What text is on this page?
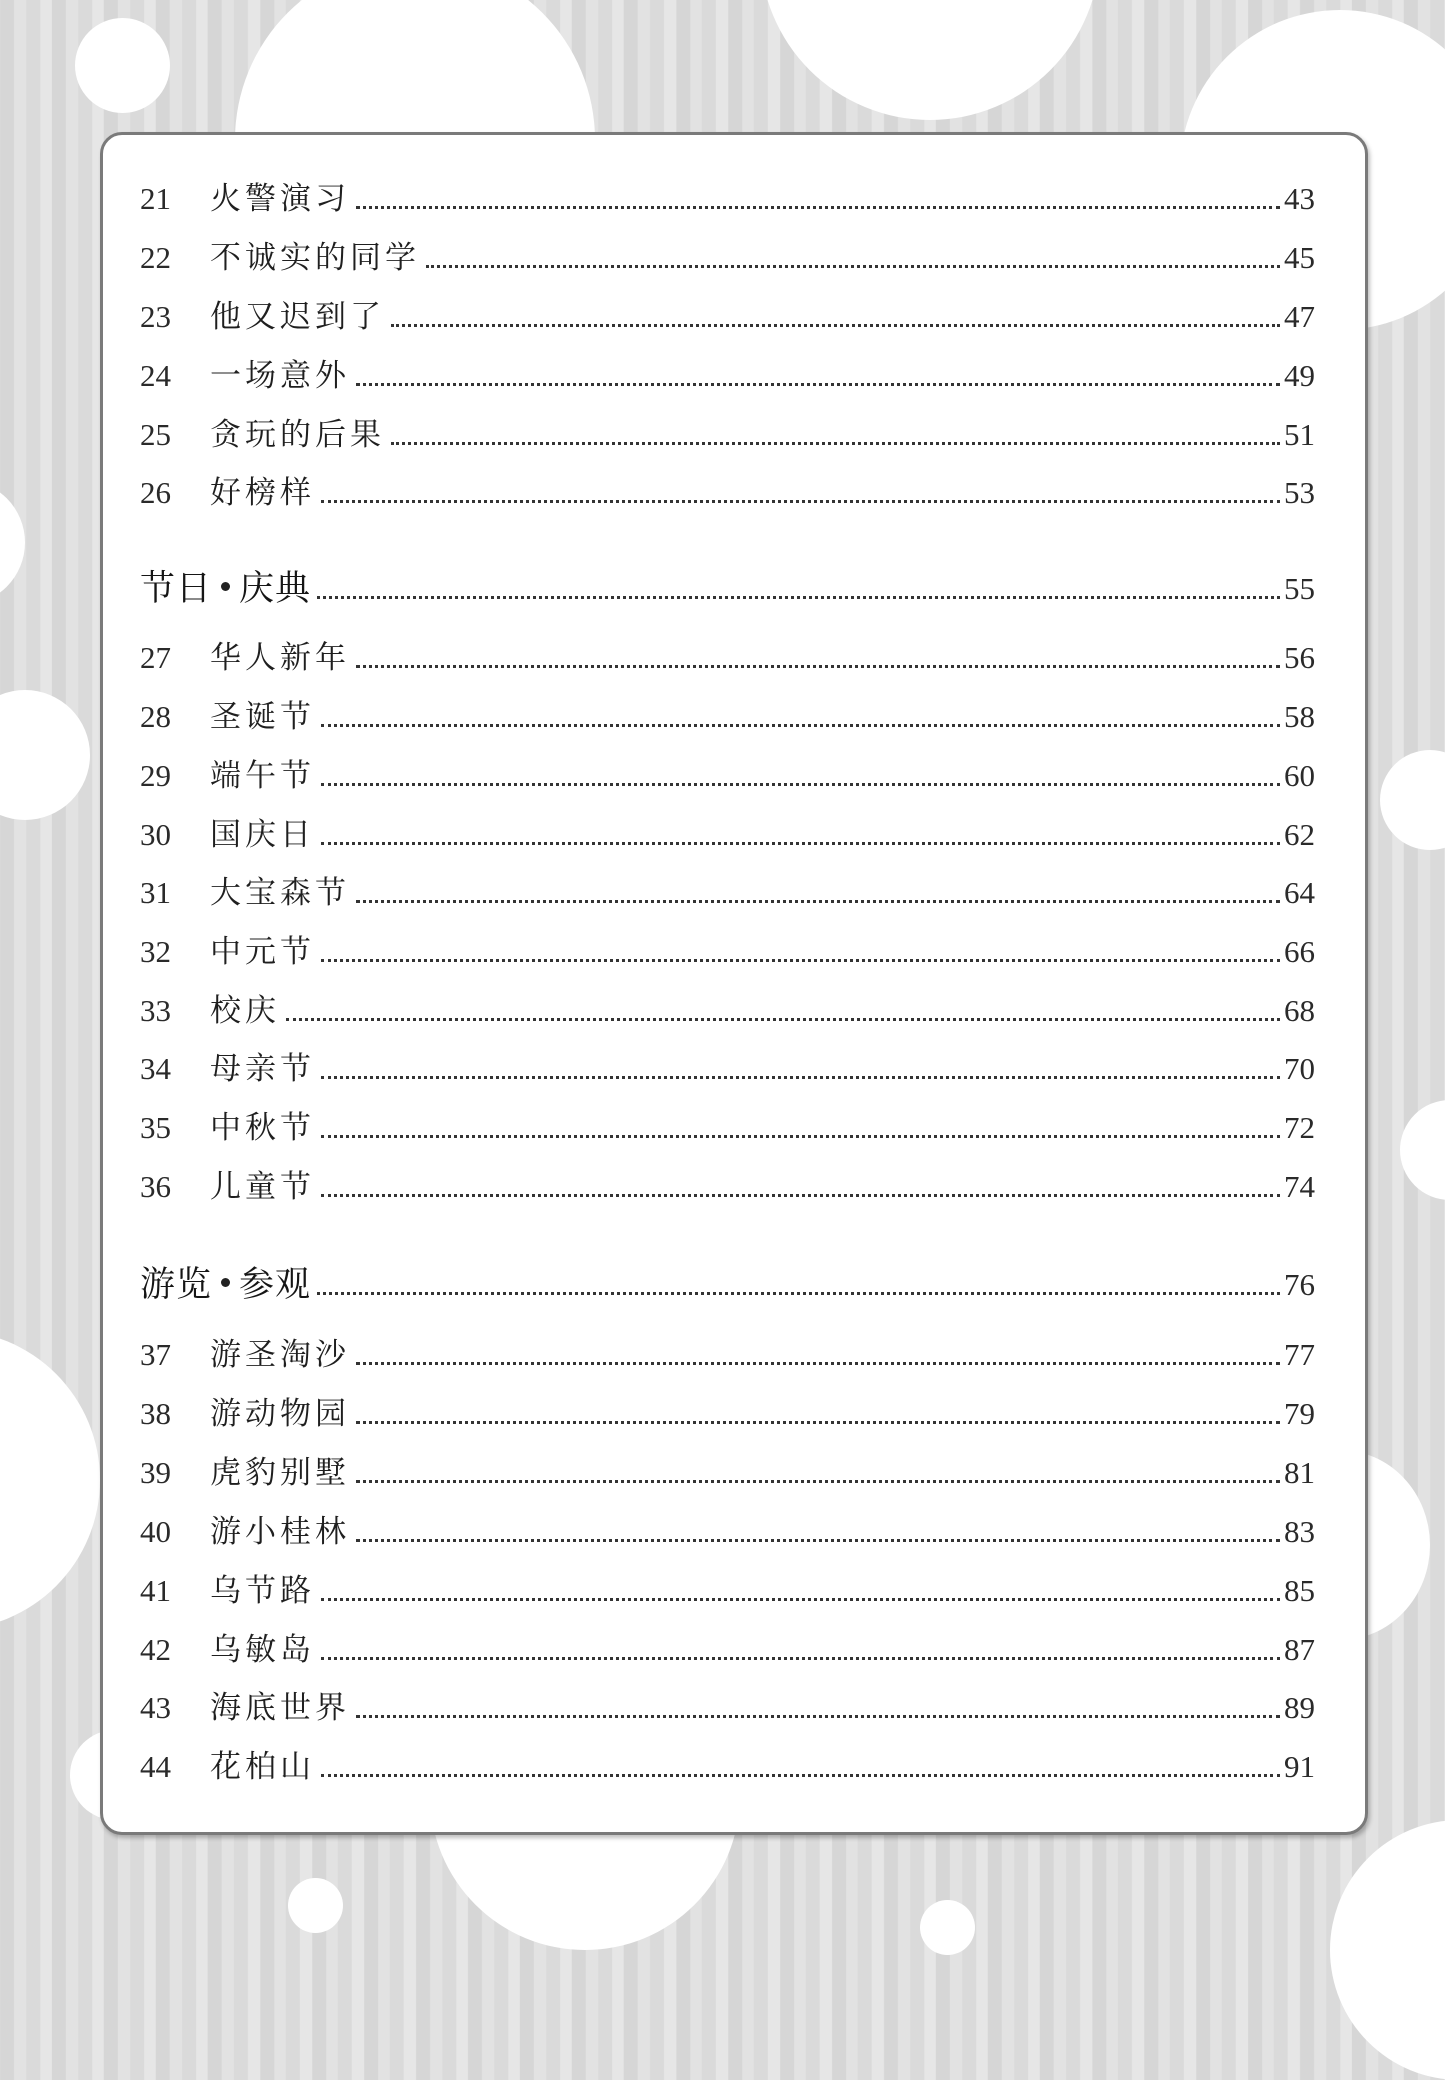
21	火警演习	43
22	不诚实的同学	45
23	他又迟到了	47
24	一场意外	49
25	贪玩的后果	51
26	好榜样	53
节日 庆典	55
27	华人新年	56
28	圣诞节	58
29	端午节	60
30	国庆日	62
31	大宝森节	64
32	中元节	66
33	校庆	68
34	母亲节	70
35	中秋节	72
36	儿童节	74
游览 参观	76
37	游圣淘沙	77
38	游动物园	79
39	虎豹别墅	81
40	游小桂林	83
41	乌节路	85
42	乌敏岛	87
43	海底世界	89
44	花柏山	91
